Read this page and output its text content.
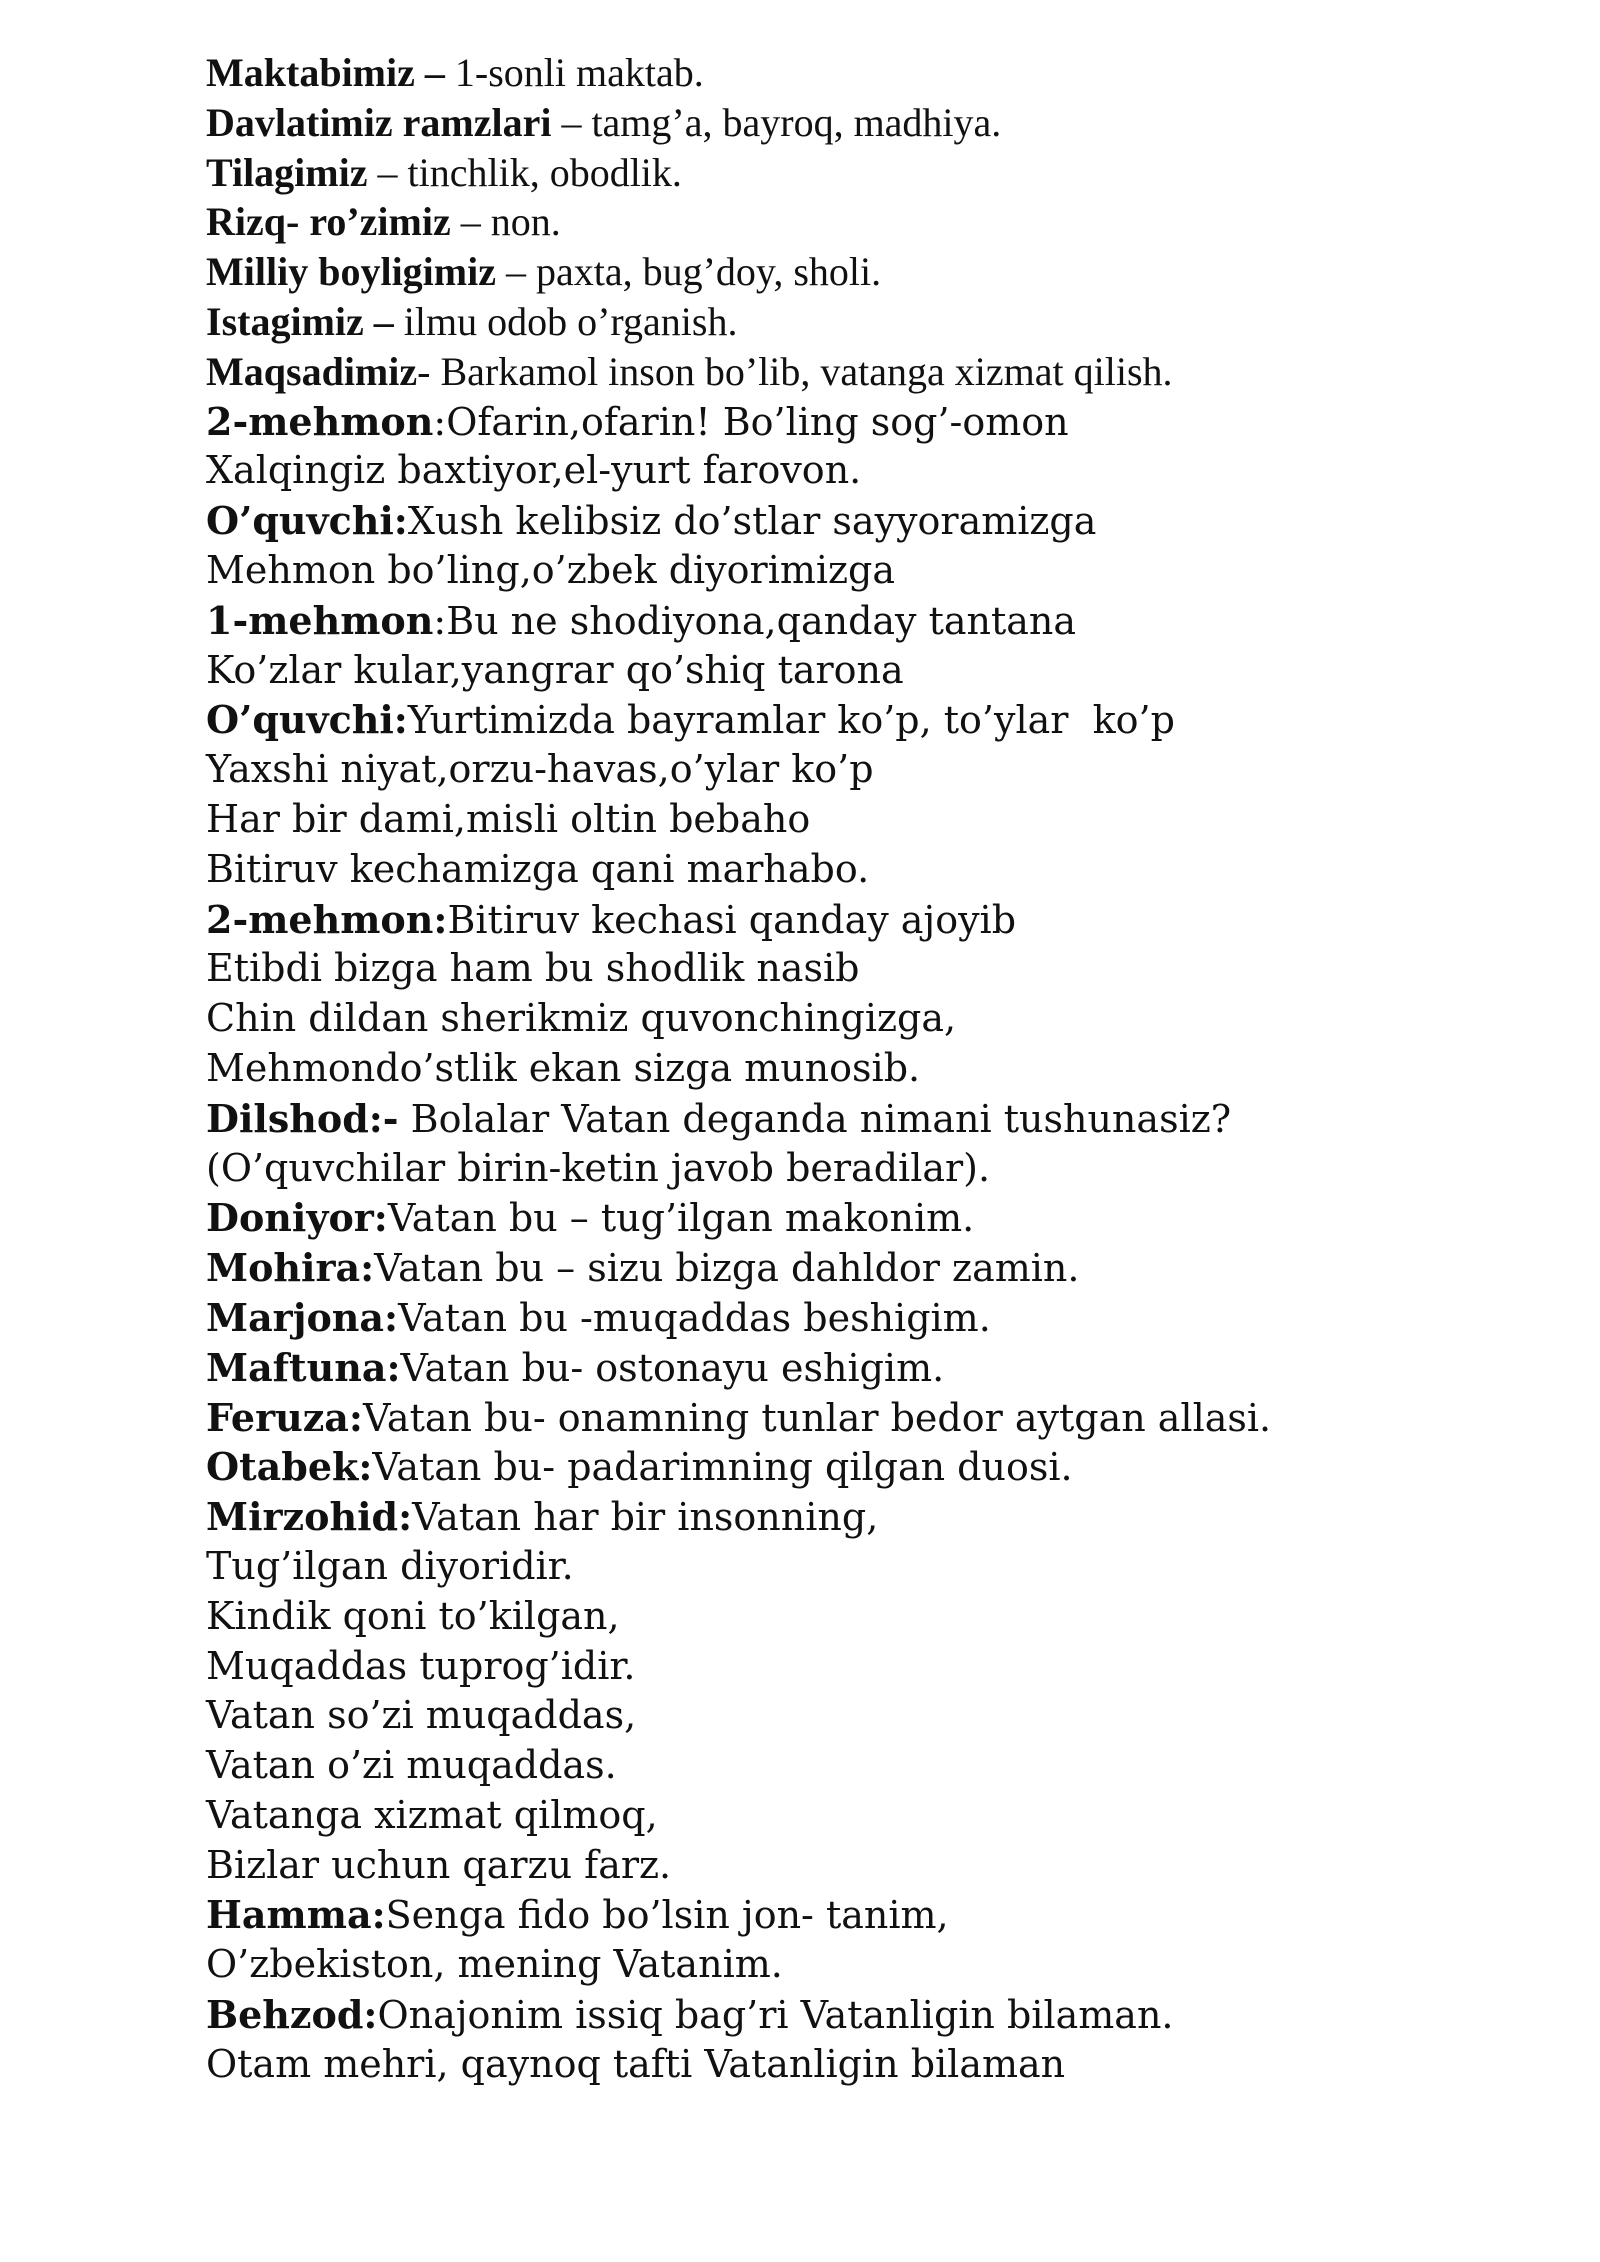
Maktabimiz – 1-sonli maktab.
Davlatimiz ramzlari – tamg’a, bayroq, madhiya.
Tilagimiz – tinchlik, obodlik.
Rizq- ro’zimiz – non.
Milliy boyligimiz – paxta, bug’doy, sholi.
Istagimiz – ilmu odob o’rganish.
Maqsadimiz- Barkamol inson bo’lib, vatanga xizmat qilish.
2-mehmon:Ofarin,ofarin! Bo’ling sog’-omon
Xalqingiz baxtiyor,el-yurt farovon.
O’quvchi:Xush kelibsiz do’stlar sayyoramizga
Mehmon bo’ling,o’zbek diyorimizga
1-mehmon:Bu ne shodiyona,qanday tantana
Ko’zlar kular,yangrar qo’shiq tarona
O’quvchi:Yurtimizda bayramlar ko’p, to’ylar  ko’p
Yaxshi niyat,orzu-havas,o’ylar ko’p
Har bir dami,misli oltin bebaho
Bitiruv kechamizga qani marhabo.
2-mehmon:Bitiruv kechasi qanday ajoyib
Etibdi bizga ham bu shodlik nasib
Chin dildan sherikmiz quvonchingizga,
Mehmondo’stlik ekan sizga munosib.
Dilshod:- Bolalar Vatan deganda nimani tushunasiz?
(O’quvchilar birin-ketin javob beradilar).
Doniyor:Vatan bu – tug’ilgan makonim.
Mohira:Vatan bu – sizu bizga dahldor zamin.
Marjona:Vatan bu -muqaddas beshigim.
Maftuna:Vatan bu- ostonayu eshigim.
Feruza:Vatan bu- onamning tunlar bedor aytgan allasi.
Otabek:Vatan bu- padarimning qilgan duosi.
Mirzohid:Vatan har bir insonning,
Tug’ilgan diyoridir.
Kindik qoni to’kilgan,
Muqaddas tuprog’idir.
Vatan so’zi muqaddas,
Vatan o’zi muqaddas.
Vatanga xizmat qilmoq,
Bizlar uchun qarzu farz.
Hamma:Senga fido bo’lsin jon- tanim,
O’zbekiston, mening Vatanim.
Behzod:Onajonim issiq bag’ri Vatanligin bilaman.
Otam mehri, qaynoq tafti Vatanligin bilaman
